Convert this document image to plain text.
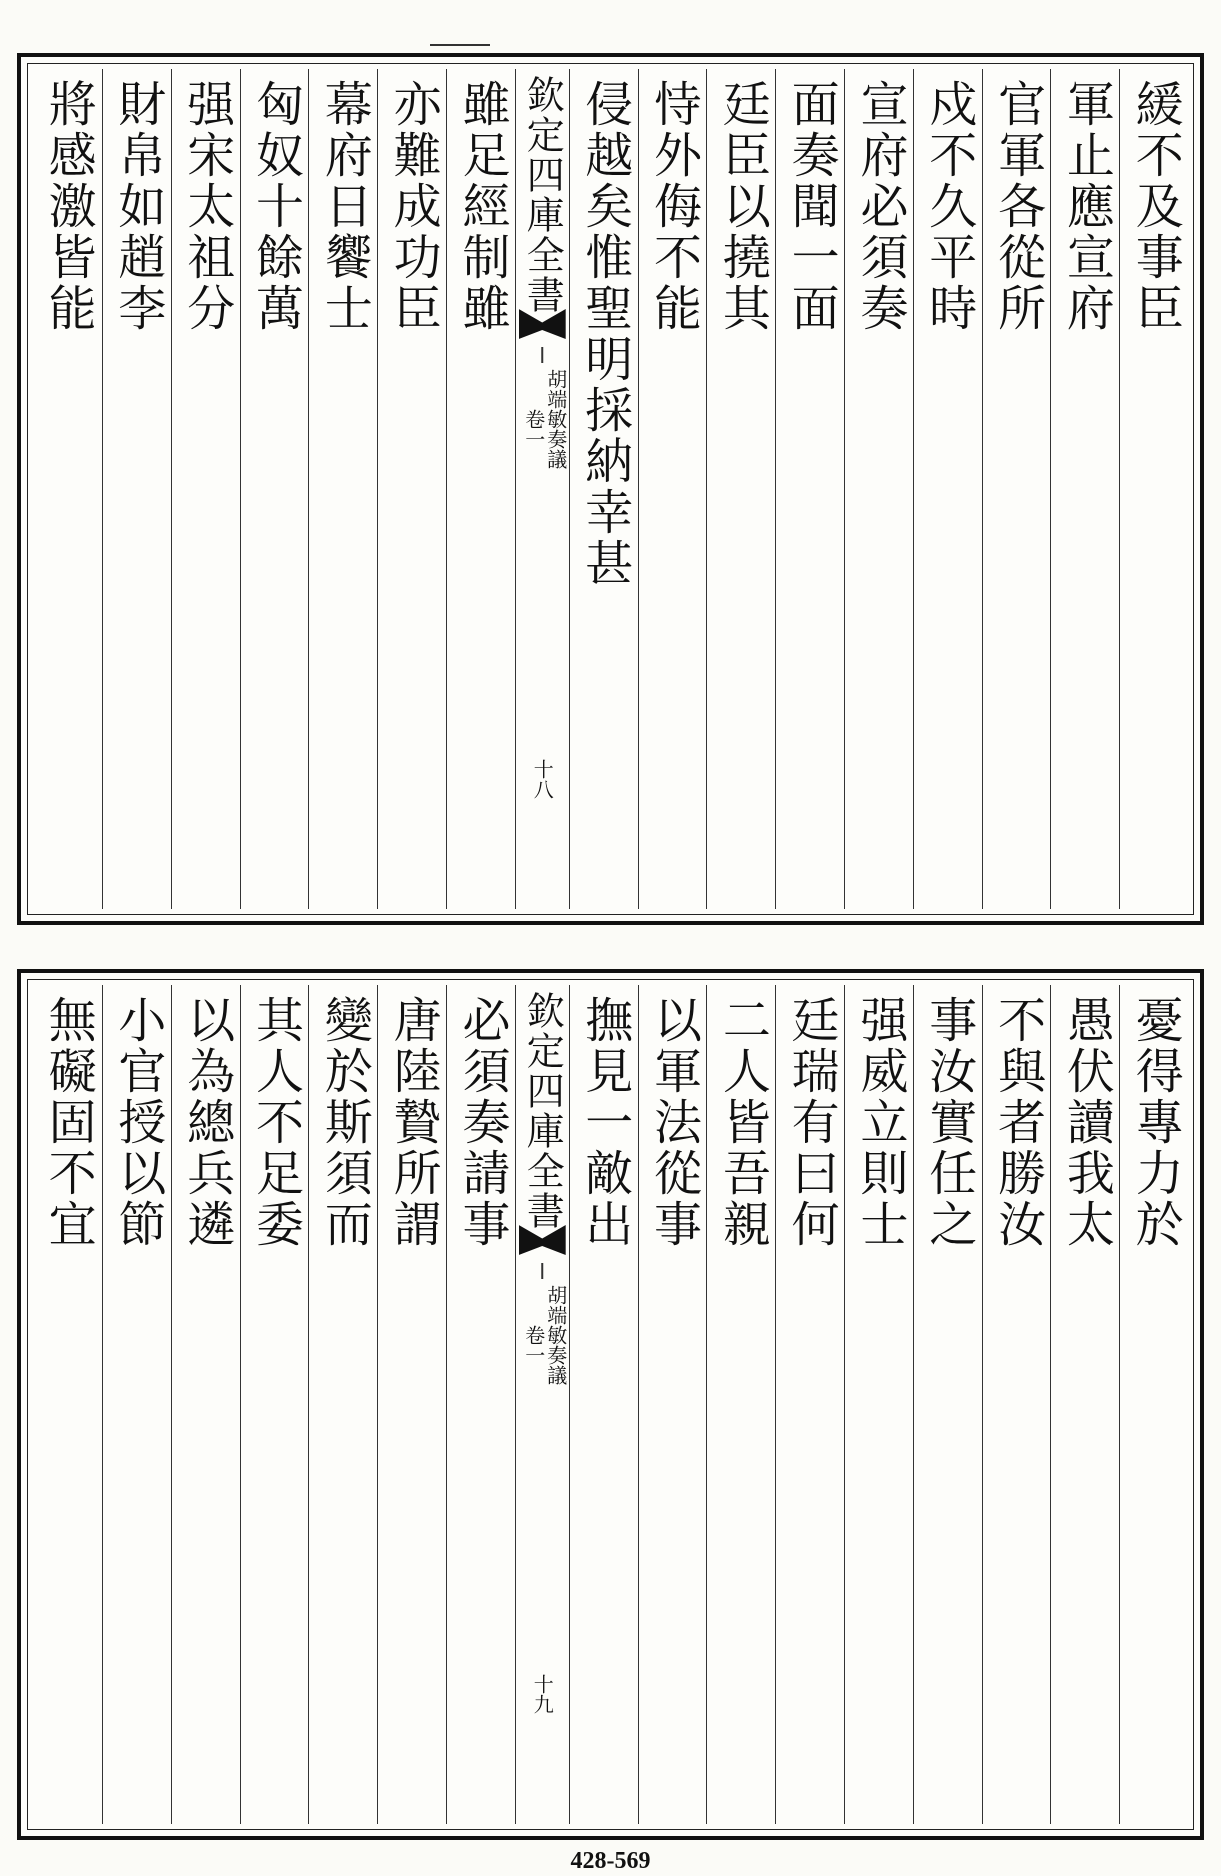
緩不及事臣
軍止應宣府
官軍各從所
戍不久平時
宣府必須奏
面奏聞一面
廷臣以撓其
恃外侮不能
侵越矣惟聖明採納幸甚
欽定四庫全書
胡端敏奏議
卷一
十八
雖足經制雖
亦難成功臣
幕府日饗士
匈奴十餘萬
强宋太祖分
財帛如趙李
將感激皆能
憂得專力於
愚伏讀我太
不與者勝汝
事汝實任之
强威立則士
廷瑞有曰何
二人皆吾親
以軍法從事
撫見一敵出
欽定四庫全書
胡端敏奏議
卷一
十九
必須奏請事
唐陸贄所謂
變於斯須而
其人不足委
以為總兵遴
小官授以節
無礙固不宜
428-569
